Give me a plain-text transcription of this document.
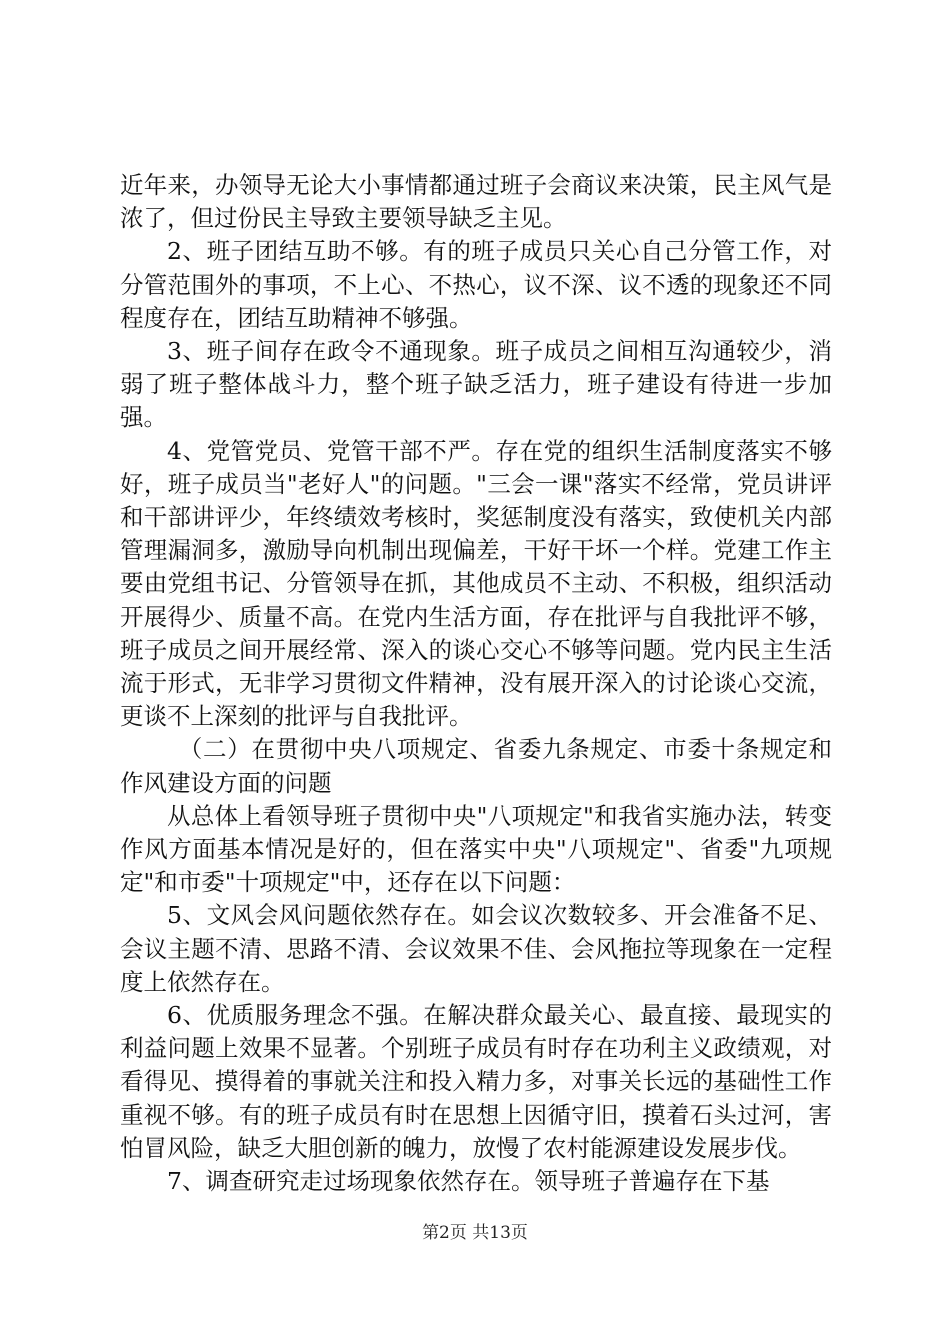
近年来，办领导无论大小事情都通过班子会商议来决策，民主风气是浓了，但过份民主导致主要领导缺乏主见。

2、班子团结互助不够。有的班子成员只关心自己分管工作，对分管范围外的事项，不上心、不热心，议不深、议不透的现象还不同程度存在，团结互助精神不够强。

3、班子间存在政令不通现象。班子成员之间相互沟通较少，消弱了班子整体战斗力，整个班子缺乏活力，班子建设有待进一步加强。

4、党管党员、党管干部不严。存在党的组织生活制度落实不够好，班子成员当"老好人"的问题。"三会一课"落实不经常，党员讲评和干部讲评少，年终绩效考核时，奖惩制度没有落实，致使机关内部管理漏洞多，激励导向机制出现偏差，干好干坏一个样。党建工作主要由党组书记、分管领导在抓，其他成员不主动、不积极，组织活动开展得少、质量不高。在党内生活方面，存在批评与自我批评不够，班子成员之间开展经常、深入的谈心交心不够等问题。党内民主生活流于形式，无非学习贯彻文件精神，没有展开深入的讨论谈心交流，更谈不上深刻的批评与自我批评。

（二）在贯彻中央八项规定、省委九条规定、市委十条规定和作风建设方面的问题

从总体上看领导班子贯彻中央"八项规定"和我省实施办法，转变作风方面基本情况是好的，但在落实中央"八项规定"、省委"九项规定"和市委"十项规定"中，还存在以下问题：

5、文风会风问题依然存在。如会议次数较多、开会准备不足、会议主题不清、思路不清、会议效果不佳、会风拖拉等现象在一定程度上依然存在。

6、优质服务理念不强。在解决群众最关心、最直接、最现实的利益问题上效果不显著。个别班子成员有时存在功利主义政绩观，对看得见、摸得着的事就关注和投入精力多，对事关长远的基础性工作重视不够。有的班子成员有时在思想上因循守旧，摸着石头过河，害怕冒风险，缺乏大胆创新的魄力，放慢了农村能源建设发展步伐。

7、调查研究走过场现象依然存在。领导班子普遍存在下基

第2页 共13页
